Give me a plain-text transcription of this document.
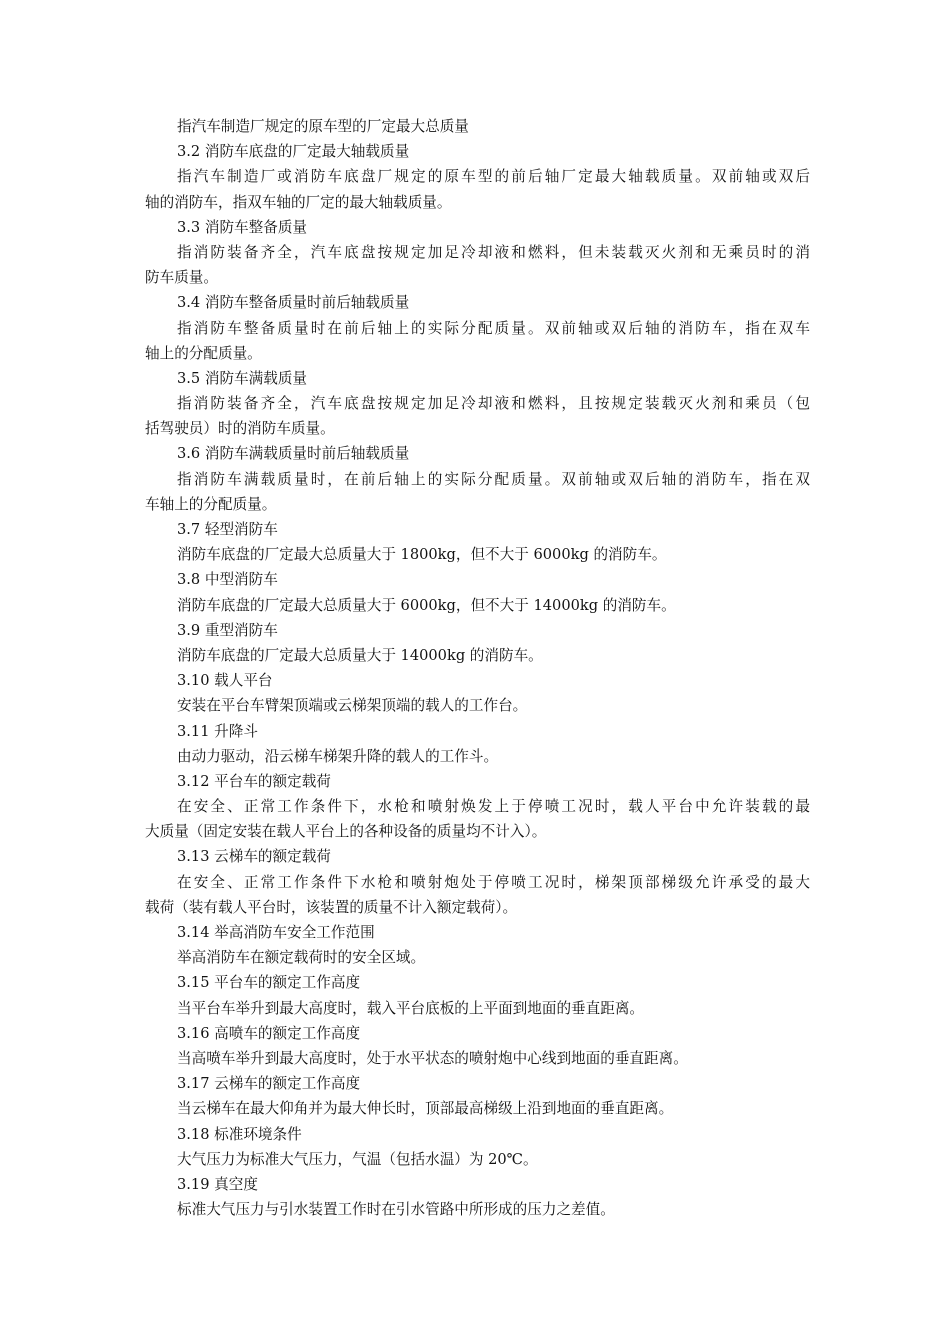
指汽车制造厂规定的原车型的厂定最大总质量
3.2 消防车底盘的厂定最大轴载质量
指汽车制造厂或消防车底盘厂规定的原车型的前后轴厂定最大轴载质量。双前轴或双后
轴的消防车，指双车轴的厂定的最大轴载质量。
3.3 消防车整备质量
指消防装备齐全，汽车底盘按规定加足冷却液和燃料，但未装载灭火剂和无乘员时的消
防车质量。
3.4 消防车整备质量时前后轴载质量
指消防车整备质量时在前后轴上的实际分配质量。双前轴或双后轴的消防车，指在双车
轴上的分配质量。
3.5 消防车满载质量
指消防装备齐全，汽车底盘按规定加足冷却液和燃料，且按规定装载灭火剂和乘员（包
括驾驶员）时的消防车质量。
3.6 消防车满载质量时前后轴载质量
指消防车满载质量时，在前后轴上的实际分配质量。双前轴或双后轴的消防车，指在双
车轴上的分配质量。
3.7 轻型消防车
消防车底盘的厂定最大总质量大于 1800kg，但不大于 6000kg 的消防车。
3.8 中型消防车
消防车底盘的厂定最大总质量大于 6000kg，但不大于 14000kg 的消防车。
3.9 重型消防车
消防车底盘的厂定最大总质量大于 14000kg 的消防车。
3.10 载人平台
安装在平台车臂架顶端或云梯架顶端的载人的工作台。
3.11 升降斗
由动力驱动，沿云梯车梯架升降的载人的工作斗。
3.12 平台车的额定载荷
在安全、正常工作条件下，水枪和喷射焕发上于停喷工况时，载人平台中允许装载的最
大质量（固定安装在载人平台上的各种设备的质量均不计入）。
3.13 云梯车的额定载荷
在安全、正常工作条件下水枪和喷射炮处于停喷工况时，梯架顶部梯级允许承受的最大
载荷（装有载人平台时，该装置的质量不计入额定载荷）。
3.14 举高消防车安全工作范围
举高消防车在额定载荷时的安全区域。
3.15 平台车的额定工作高度
当平台车举升到最大高度时，载入平台底板的上平面到地面的垂直距离。
3.16 高喷车的额定工作高度
当高喷车举升到最大高度时，处于水平状态的喷射炮中心线到地面的垂直距离。
3.17 云梯车的额定工作高度
当云梯车在最大仰角并为最大伸长时，顶部最高梯级上沿到地面的垂直距离。
3.18 标准环境条件
大气压力为标准大气压力，气温（包括水温）为 20℃。
3.19 真空度
标准大气压力与引水装置工作时在引水管路中所形成的压力之差值。
